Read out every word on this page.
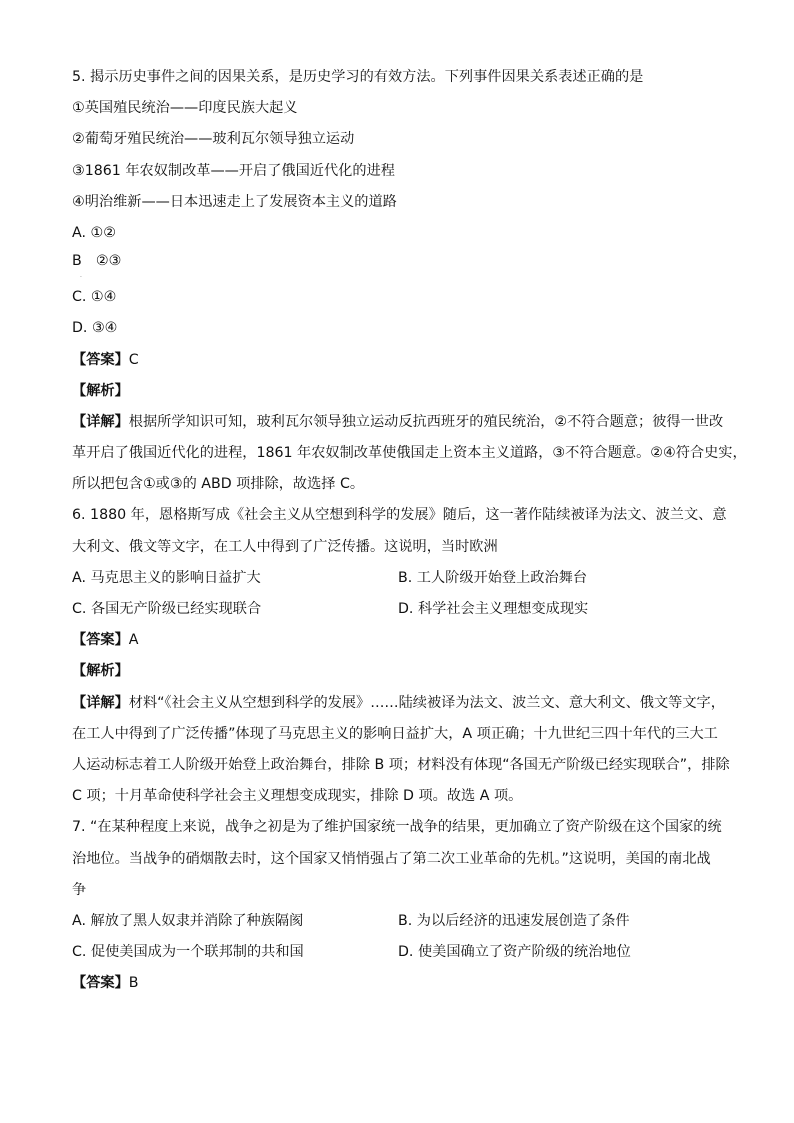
5. 揭示历史事件之间的因果关系，是历史学习的有效方法。下列事件因果关系表述正确的是
①英国殖民统治——印度民族大起义
②葡萄牙殖民统治——玻利瓦尔领导独立运动
③1861 年农奴制改革——开启了俄国近代化的进程
④明治维新——日本迅速走上了发展资本主义的道路
A. ①②
B　②③
·
C. ①④
D. ③④
【答案】C
【解析】
【详解】根据所学知识可知，玻利瓦尔领导独立运动反抗西班牙的殖民统治，②不符合题意；彼得一世改
革开启了俄国近代化的进程，1861 年农奴制改革使俄国走上资本主义道路，③不符合题意。②④符合史实，
所以把包含①或③的 ABD 项排除，故选择 C。
6. 1880 年，恩格斯写成《社会主义从空想到科学的发展》随后，这一著作陆续被译为法文、波兰文、意
大利文、俄文等文字，在工人中得到了广泛传播。这说明，当时欧洲
A. 马克思主义的影响日益扩大	B. 工人阶级开始登上政治舞台
C. 各国无产阶级已经实现联合	D. 科学社会主义理想变成现实
【答案】A
【解析】
【详解】材料“《社会主义从空想到科学的发展》……陆续被译为法文、波兰文、意大利文、俄文等文字，
在工人中得到了广泛传播”体现了马克思主义的影响日益扩大，A 项正确；十九世纪三四十年代的三大工
人运动标志着工人阶级开始登上政治舞台，排除 B 项；材料没有体现“各国无产阶级已经实现联合”，排除
C 项；十月革命使科学社会主义理想变成现实，排除 D 项。故选 A 项。
7. “在某种程度上来说，战争之初是为了维护国家统一战争的结果，更加确立了资产阶级在这个国家的统
治地位。当战争的硝烟散去时，这个国家又悄悄强占了第二次工业革命的先机。”这说明，美国的南北战
争
A. 解放了黑人奴隶并消除了种族隔阂	B. 为以后经济的迅速发展创造了条件
C. 促使美国成为一个联邦制的共和国	D. 使美国确立了资产阶级的统治地位
【答案】B
